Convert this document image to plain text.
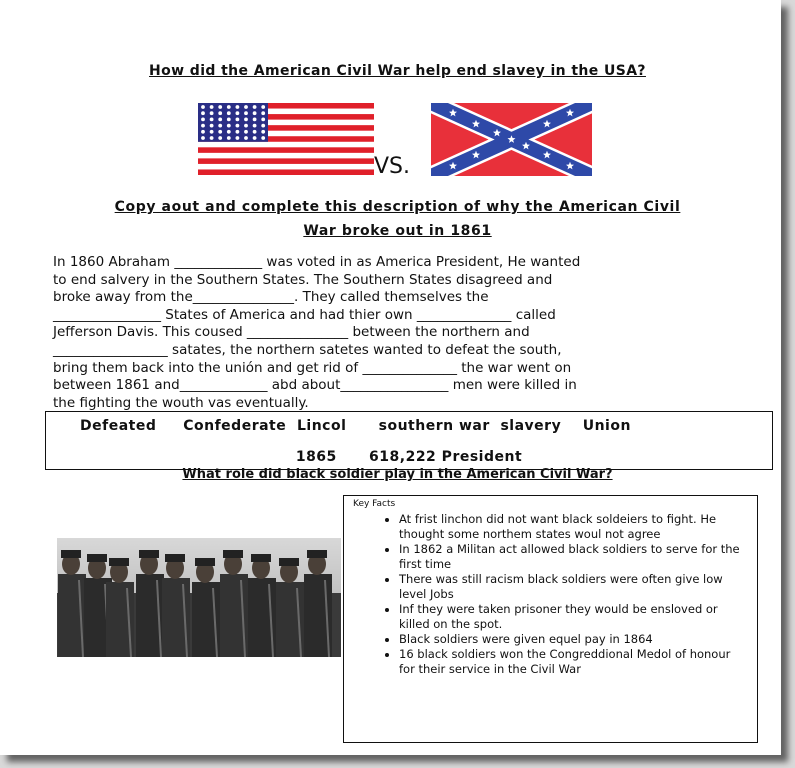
How did the American Civil War help end slavey in the USA?
VS.
Copy aout and complete this description of why the American Civil
War broke out in 1861
In 1860 Abraham _____________ was voted in as America President, He wanted
to end salvery in the Southern States. The Southern States disagreed and
broke away from the_______________. They called themselves the
________________ States of America and had thier own ______________ called
Jefferson Davis. This coused _______________ between the northern and
_________________ satates, the northern satetes wanted to defeat the south,
bring them back into the unión and get rid of ______________ the war went on
between 1861 and_____________ abd about________________ men were killed in
the fighting the wouth vas eventually.
Defeated     Confederate  Lincol      southern war  slavery    Union
1865      618,222 President
What role did black soldier play in the American Civil War?
Key Facts
• At frist linchon did not want black soldeiers to fight. He thought some northem states woul not agree
• In 1862 a Militan act allowed black soldiers to serve for the first time
• There was still racism black soldiers were often give low level Jobs
• Inf they were taken prisoner they would be ensloved or killed on the spot.
• Black soldiers were given equel pay in 1864
• 16 black soldiers won the Congreddional Medol of honour for their service in the Civil War
